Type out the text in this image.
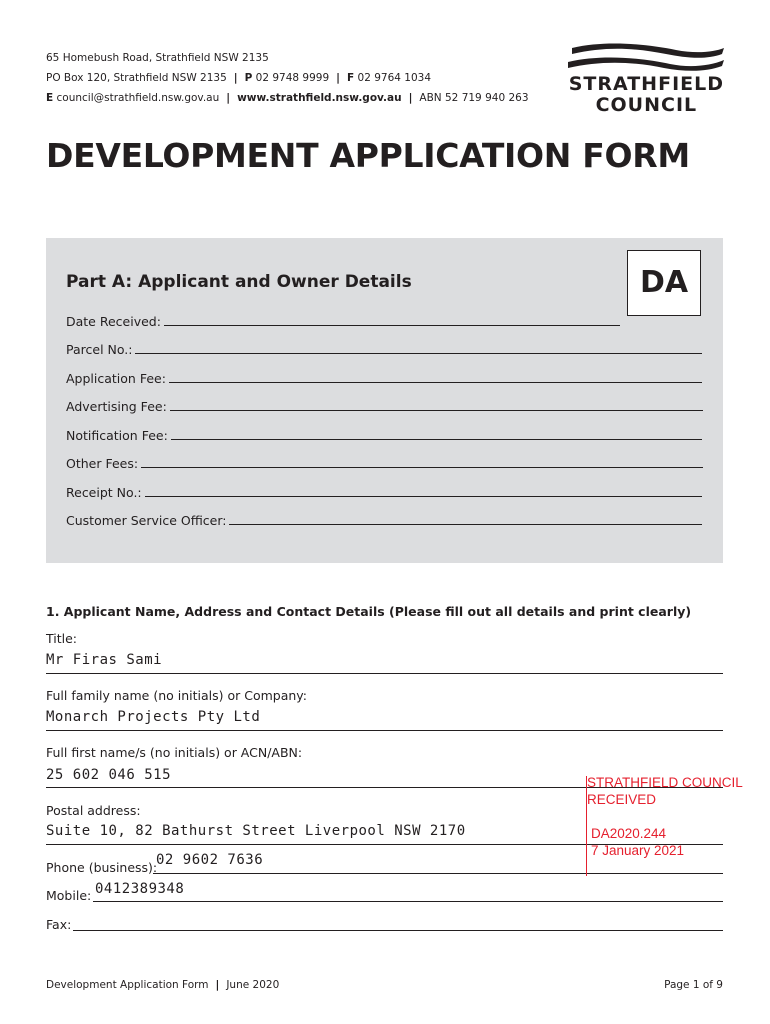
65 Homebush Road, Strathfield NSW 2135
PO Box 120, Strathfield NSW 2135 | P 02 9748 9999 | F 02 9764 1034
E council@strathfield.nsw.gov.au | www.strathfield.nsw.gov.au | ABN 52 719 940 263
STRATHFIELD
COUNCIL
DEVELOPMENT APPLICATION FORM
Part A: Applicant and Owner Details	DA
Date Received:
Parcel No.:
Application Fee:
Advertising Fee:
Notification Fee:
Other Fees:
Receipt No.:
Customer Service Officer:
1. Applicant Name, Address and Contact Details (Please fill out all details and print clearly)
Title:
Mr Firas Sami
Full family name (no initials) or Company:
Monarch Projects Pty Ltd
Full first name/s (no initials) or ACN/ABN:
25 602 046 515
Postal address:
Suite 10, 82 Bathurst Street Liverpool NSW 2170
Phone (business):
02 9602 7636
Mobile: 0412389348
Fax:
STRATHFIELD COUNCIL
RECEIVED
DA2020.244
7 January 2021
Development Application Form | June 2020	Page 1 of 9
